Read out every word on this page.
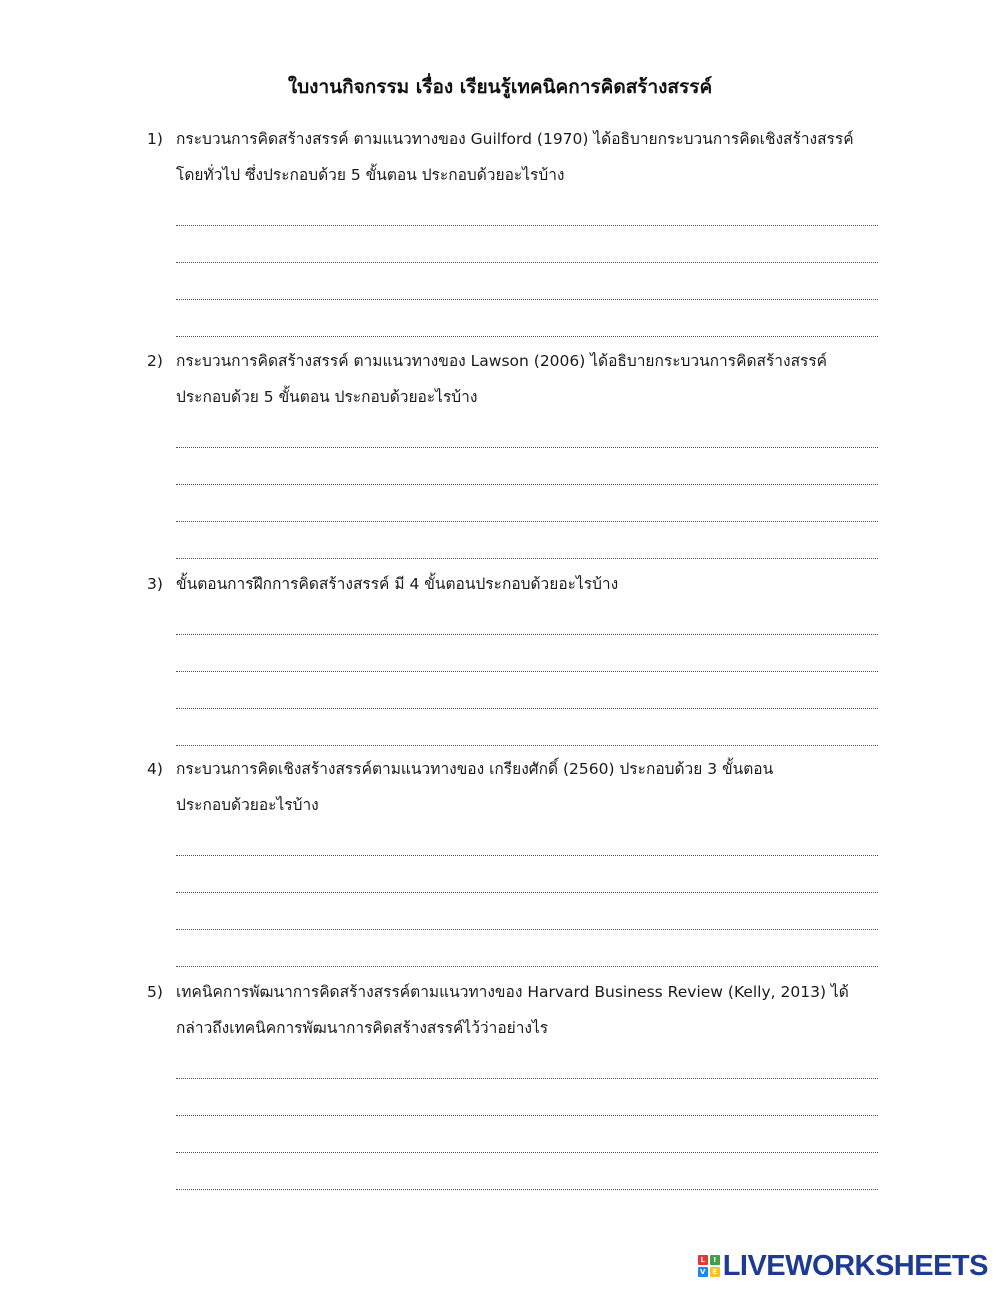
ใบงานกิจกรรม เรื่อง เรียนรู้เทคนิคการคิดสร้างสรรค์
1) กระบวนการคิดสร้างสรรค์ ตามแนวทางของ Guilford (1970) ได้อธิบายกระบวนการคิดเชิงสร้างสรรค์
โดยทั่วไป ซึ่งประกอบด้วย 5 ขั้นตอน ประกอบด้วยอะไรบ้าง
2) กระบวนการคิดสร้างสรรค์ ตามแนวทางของ Lawson (2006) ได้อธิบายกระบวนการคิดสร้างสรรค์
ประกอบด้วย 5 ขั้นตอน ประกอบด้วยอะไรบ้าง
3) ขั้นตอนการฝึกการคิดสร้างสรรค์ มี 4 ขั้นตอนประกอบด้วยอะไรบ้าง
4) กระบวนการคิดเชิงสร้างสรรค์ตามแนวทางของ เกรียงศักดิ์ (2560) ประกอบด้วย 3 ขั้นตอน
ประกอบด้วยอะไรบ้าง
5) เทคนิคการพัฒนาการคิดสร้างสรรค์ตามแนวทางของ Harvard Business Review (Kelly, 2013) ได้
กล่าวถึงเทคนิคการพัฒนาการคิดสร้างสรรค์ไว้ว่าอย่างไร
L	I
V E LIVEWORKSHEETS
